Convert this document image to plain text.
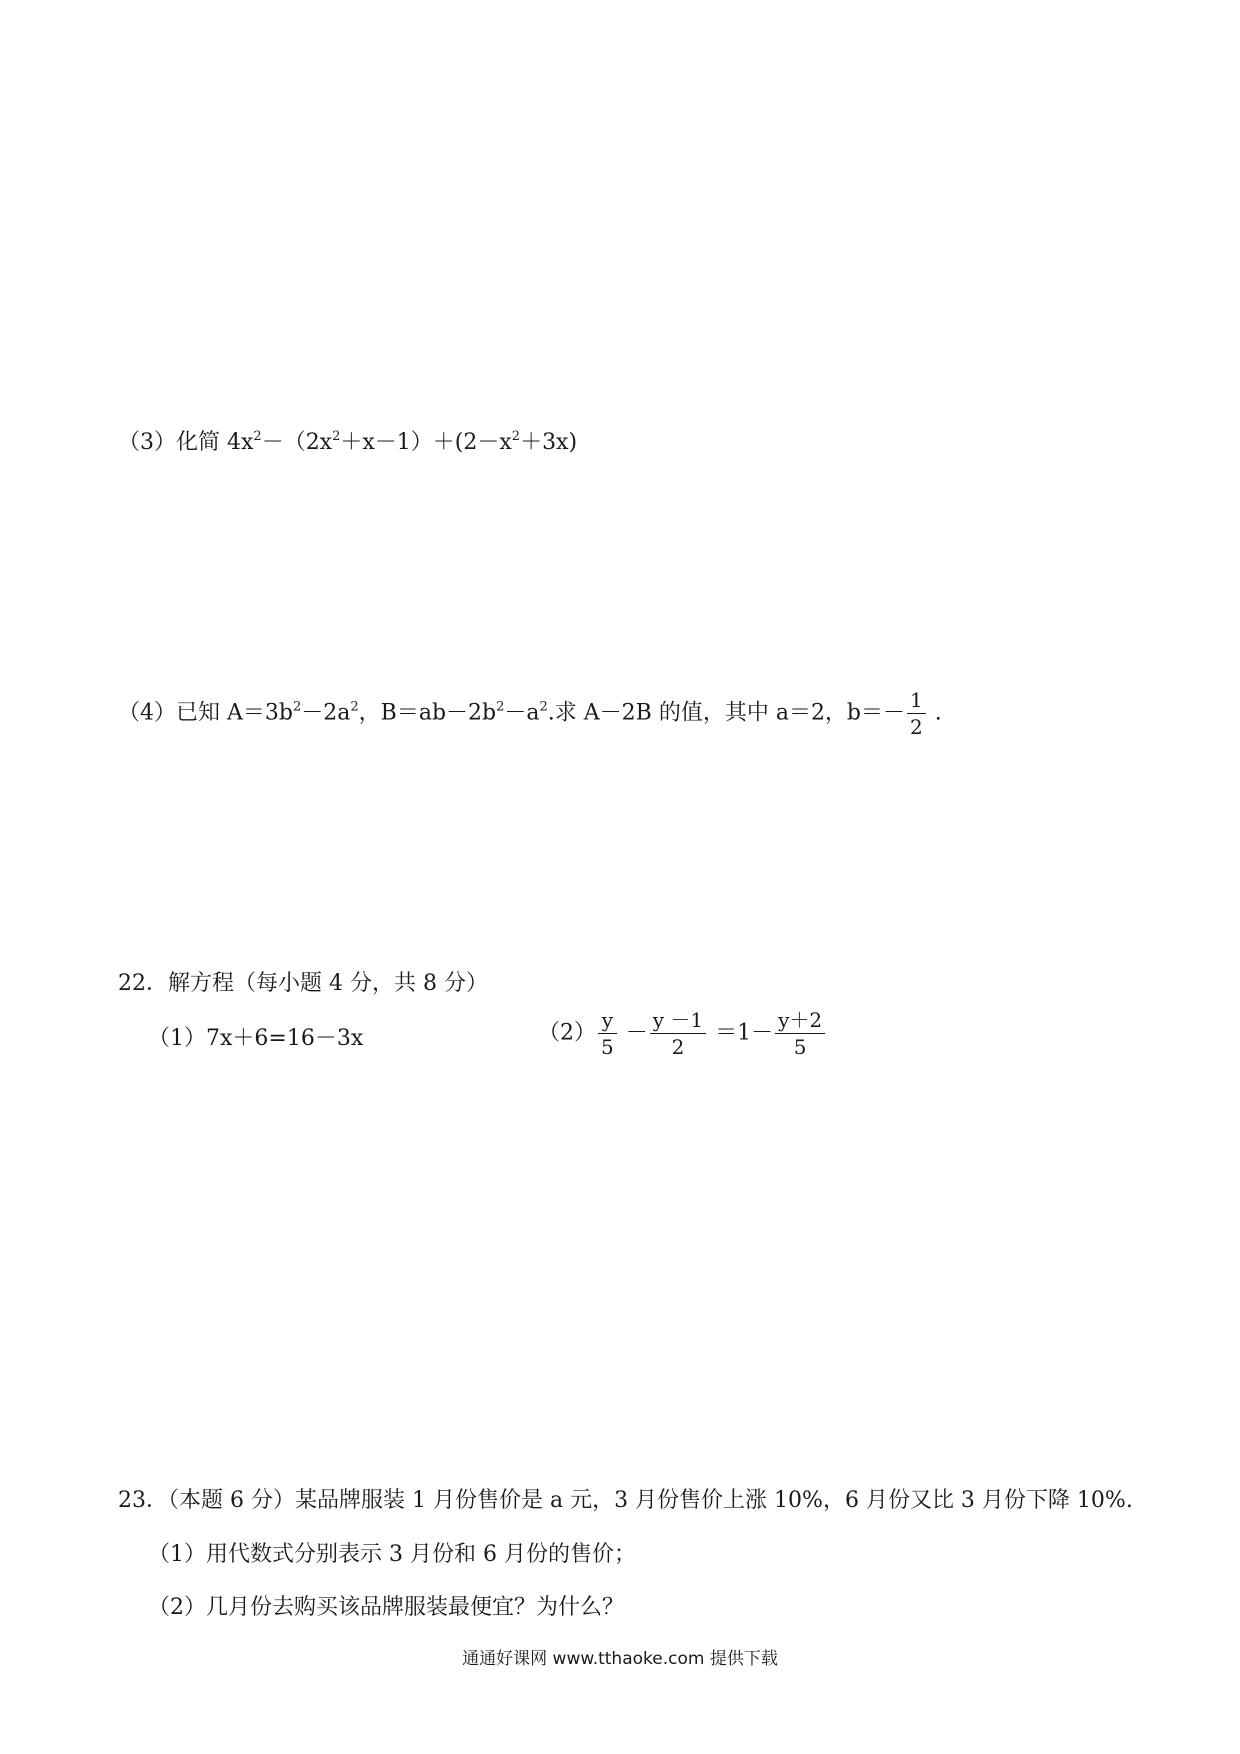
（3）化简 $4x^2-(2x^2+x-1)+(2-x^2+3x)$
（4）已知 $A=3b^2-2a^2$，$B=ab-2b^2-a^2$.求 A－2B 的值，其中 a＝2，$b=- \frac{1}{2}$ .
22．解方程（每小题 4 分，共 8 分）
（1）7x＋6=16－3x	$(2) \frac{y}{5} - \frac{y -1}{2} =1- \frac{y+2}{5}$
23．（本题 6 分）某品牌服装 1 月份售价是 a 元，3 月份售价上涨 10%，6 月份又比 3 月份下降 10%.
（1）用代数式分别表示 3 月份和 6 月份的售价；
（2）几月份去购买该品牌服装最便宜？为什么？
通通好课网 www.tthaoke.com 提供下载
